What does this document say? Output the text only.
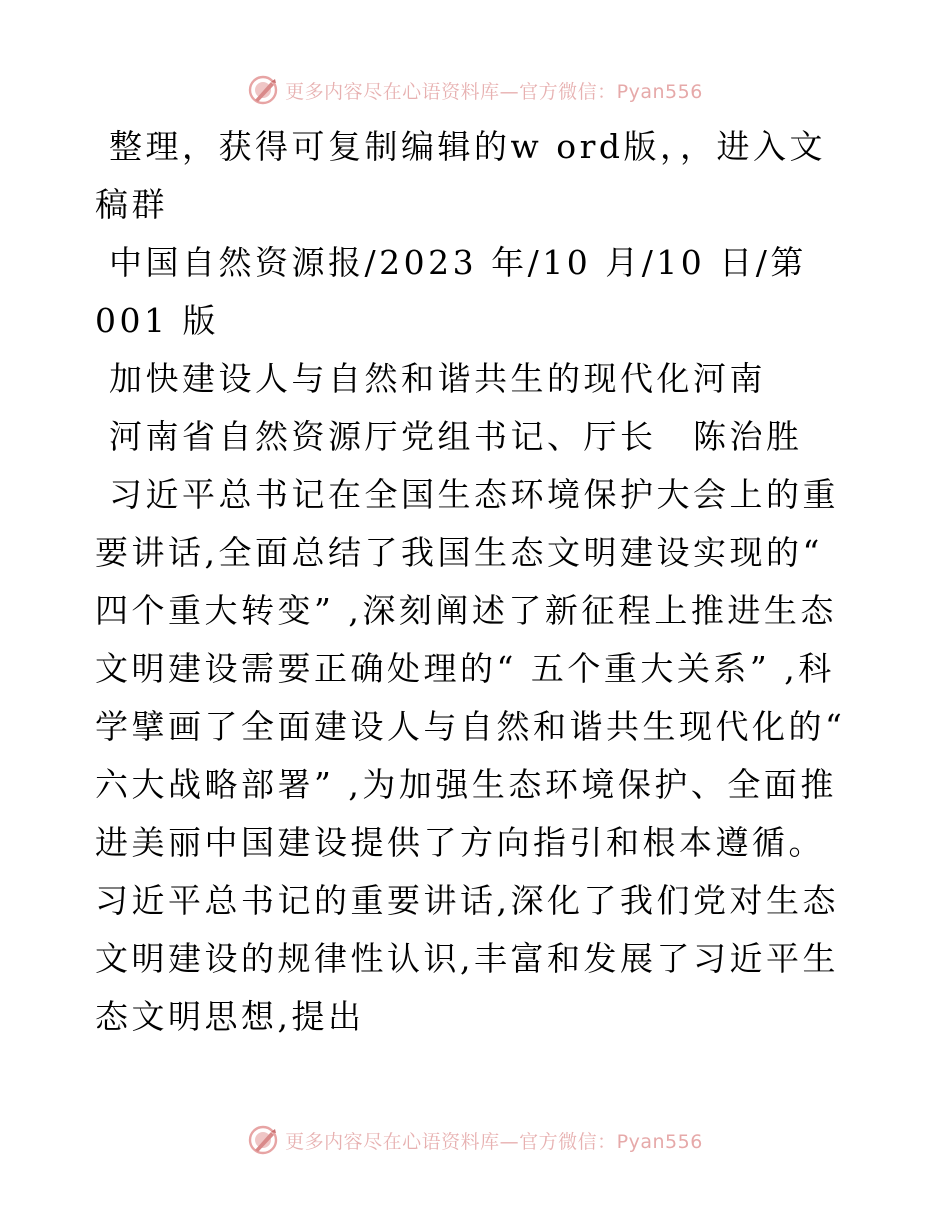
更多内容尽在心语资料库—官方微信：Pyan556

整理，获得可复制编辑的w ord版，，进入文稿群

中国自然资源报/2023 年/10 月/10 日/第 001 版

加快建设人与自然和谐共生的现代化河南

河南省自然资源厅党组书记、厅长　陈治胜

习近平总书记在全国生态环境保护大会上的重要讲话,全面总结了我国生态文明建设实现的“ 四个重大转变” ,深刻阐述了新征程上推进生态文明建设需要正确处理的“ 五个重大关系” ,科学擘画了全面建设人与自然和谐共生现代化的“ 六大战略部署” ,为加强生态环境保护、全面推进美丽中国建设提供了方向指引和根本遵循。 习近平总书记的重要讲话,深化了我们党对生态文明建设的规律性认识,丰富和发展了习近平生态文明思想,提出

更多内容尽在心语资料库—官方微信：Pyan556
